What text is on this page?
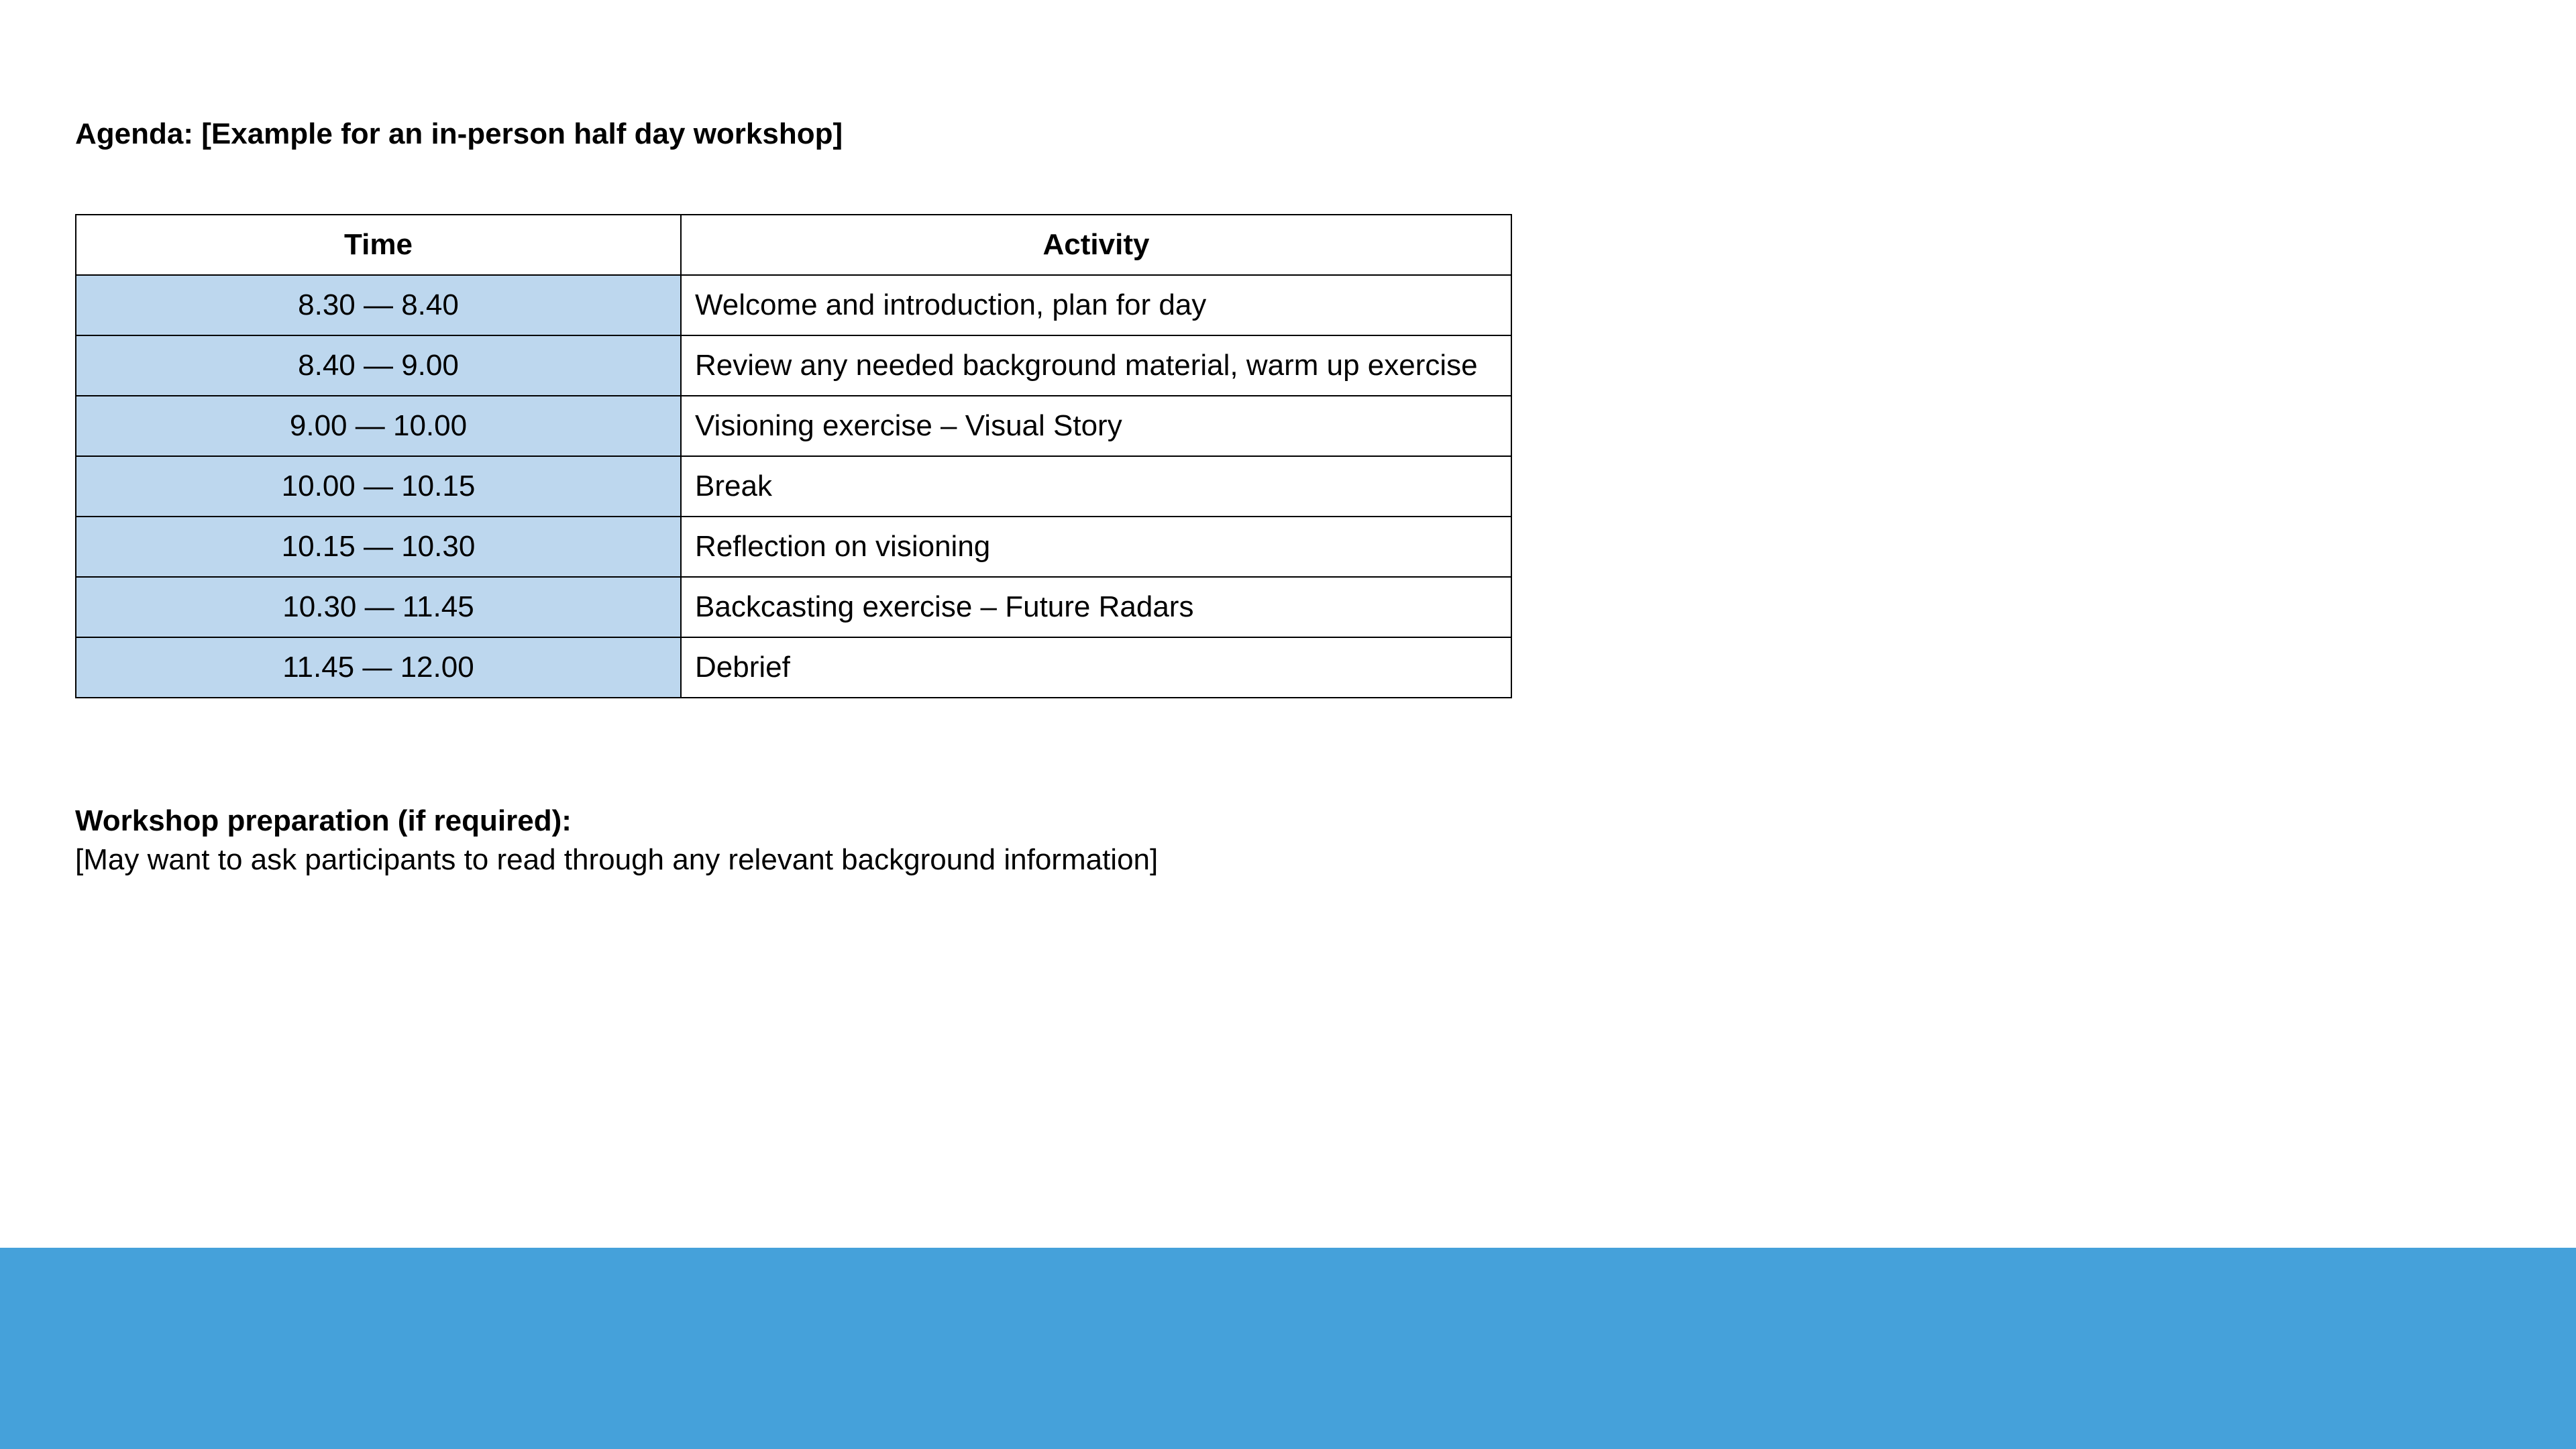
Agenda: [Example for an in-person half day workshop]
Time	Activity
8.30 — 8.40	Welcome and introduction, plan for day
8.40 — 9.00	Review any needed background material, warm up exercise
9.00 — 10.00	Visioning exercise – Visual Story
10.00 — 10.15	Break
10.15 — 10.30	Reflection on visioning
10.30 — 11.45	Backcasting exercise – Future Radars
11.45 — 12.00	Debrief
Workshop preparation (if required):

[May want to ask participants to read through any relevant background information]
